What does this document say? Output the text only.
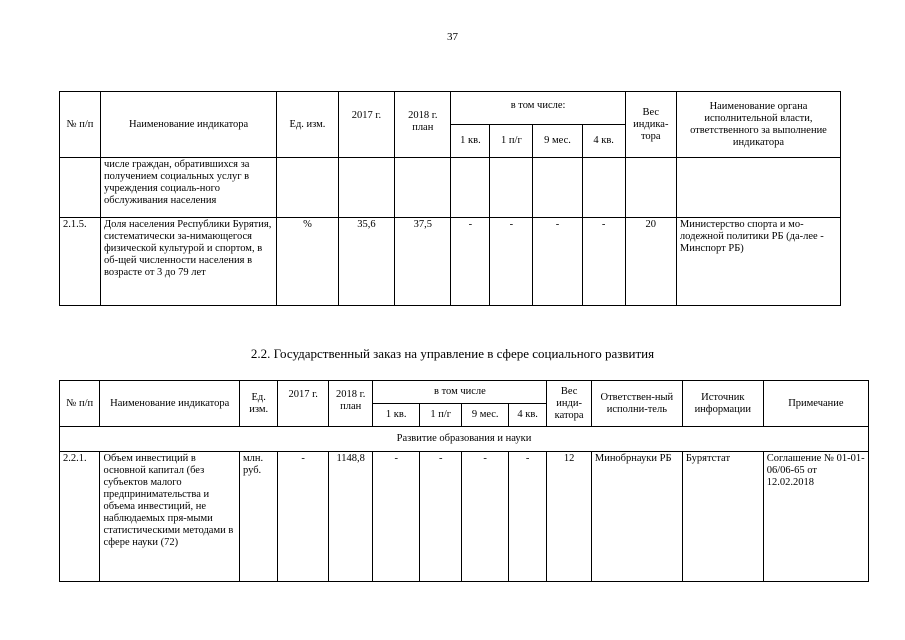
37
№ п/п	Наименование индикатора	Ед. изм.	2017 г.	2018 г. план	в том числе:				Вес индика-тора	Наименование органа исполнительной власти, ответственного за выполнение индикатора
					1 кв.	1 п/г	9 мес.	4 кв.		
	числе граждан, обратившихся за получением социальных услуг в учреждения социаль-ного обслуживания населения									
2.1.5.	Доля населения Республики Бурятия, систематически за-нимающегося физической культурой и спортом, в об-щей численности населения в возрасте от 3 до 79 лет	%	35,6	37,5	-	-	-	-	20	Министерство спорта и мо-лодежной политики РБ (да-лее - Минспорт РБ)
2.2. Государственный заказ на управление в сфере социального развития
№ п/п	Наименование индикатора	Ед. изм.	2017 г.	2018 г. план	в том числе				Вес инди-катора	Ответствен-ный исполни-тель	Источник информации	Примечание
					1 кв.	1 п/г	9 мес.	4 кв.				
Развитие образования и науки												
2.2.1.	Объем инвестиций в основной капитал (без субъектов малого предпринимательства и объема инвестиций, не наблюдаемых пря-мыми статистическими методами в сфере науки (72)	млн. руб.	-	1148,8	-	-	-	-	12	Минобрнауки РБ	Бурятстат	Соглашение № 01-01-06/06-65 от 12.02.2018
